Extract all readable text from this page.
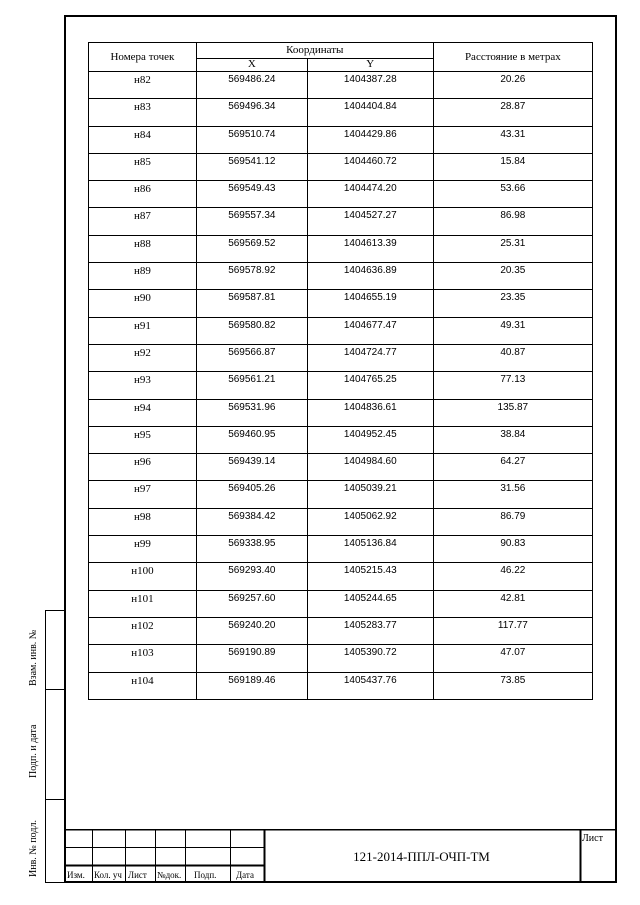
Взам. инв. №
Подп. и дата
Инв. № подл.
Номера точек	Координаты		Расстояние в метрах
	X	Y	
н82	569486.24	1404387.28	20.26
н83	569496.34	1404404.84	28.87
н84	569510.74	1404429.86	43.31
н85	569541.12	1404460.72	15.84
н86	569549.43	1404474.20	53.66
н87	569557.34	1404527.27	86.98
н88	569569.52	1404613.39	25.31
н89	569578.92	1404636.89	20.35
н90	569587.81	1404655.19	23.35
н91	569580.82	1404677.47	49.31
н92	569566.87	1404724.77	40.87
н93	569561.21	1404765.25	77.13
н94	569531.96	1404836.61	135.87
н95	569460.95	1404952.45	38.84
н96	569439.14	1404984.60	64.27
н97	569405.26	1405039.21	31.56
н98	569384.42	1405062.92	86.79
н99	569338.95	1405136.84	90.83
н100	569293.40	1405215.43	46.22
н101	569257.60	1405244.65	42.81
н102	569240.20	1405283.77	117.77
н103	569190.89	1405390.72	47.07
н104	569189.46	1405437.76	73.85
Изм. Кол. уч Лист №док. Подп. Дата
121-2014-ППЛ-ОЧП-ТМ
Лист
